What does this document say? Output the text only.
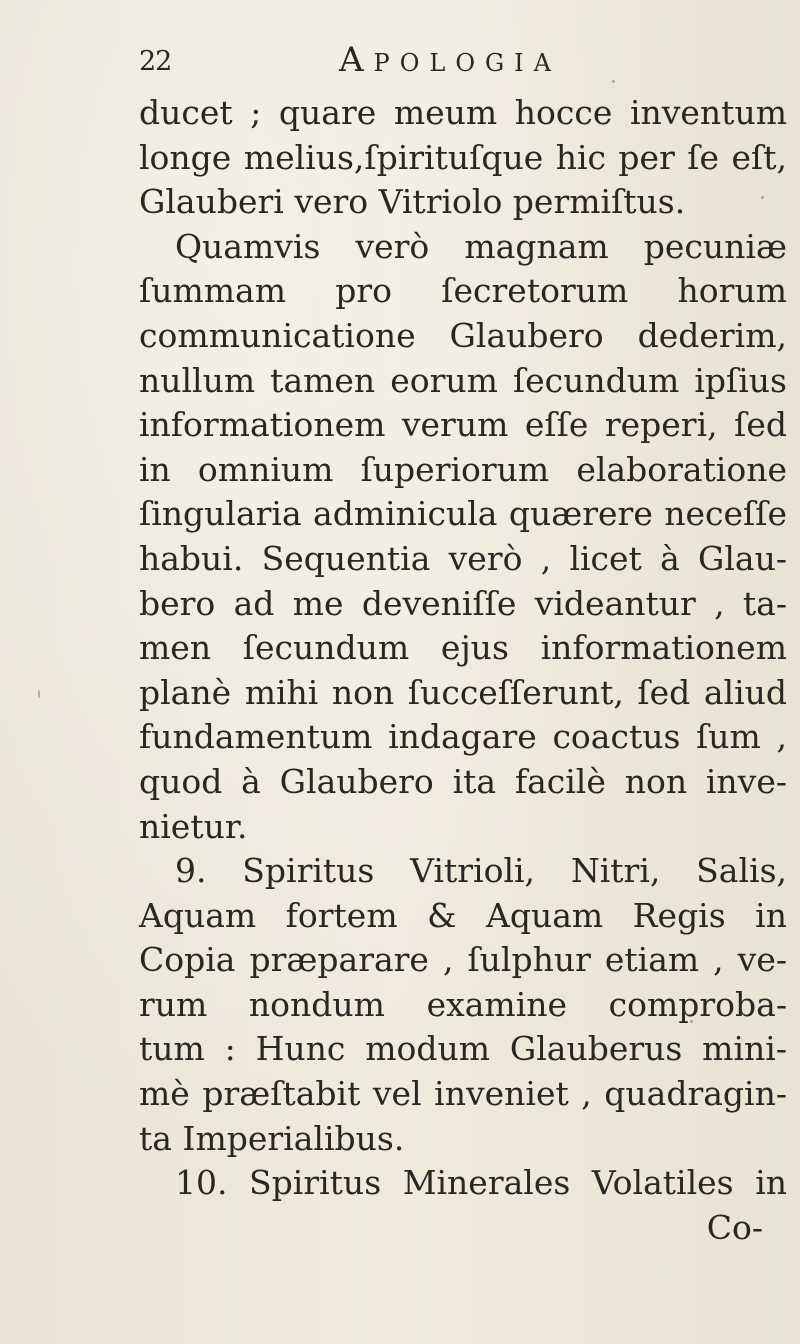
22	Apologia
ducet ; quare meum hocce inventum
longe melius,ſpirituſque hic per ſe eſt,
Glauberi vero Vitriolo permiſtus.
Quamvis verò magnam pecuniæ
ſummam pro ſecretorum horum
communicatione Glaubero dederim,
nullum tamen eorum ſecundum ipſius
informationem verum eſſe reperi, ſed
in omnium ſuperiorum elaboratione
ſingularia adminicula quærere neceſſe
habui. Sequentia verò , licet à Glau-
bero ad me deveniſſe videantur , ta-
men ſecundum ejus informationem
planè mihi non ſucceſſerunt, ſed aliud
fundamentum indagare coactus ſum ,
quod à Glaubero ita facilè non inve-
nietur.
9. Spiritus Vitrioli, Nitri, Salis,
Aquam fortem & Aquam Regis in
Copia præparare , ſulphur etiam , ve-
rum nondum examine comproba-
tum : Hunc modum Glauberus mini-
mè præſtabit vel inveniet , quadragin-
ta Imperialibus.
10. Spiritus Minerales Volatiles in
Co-
